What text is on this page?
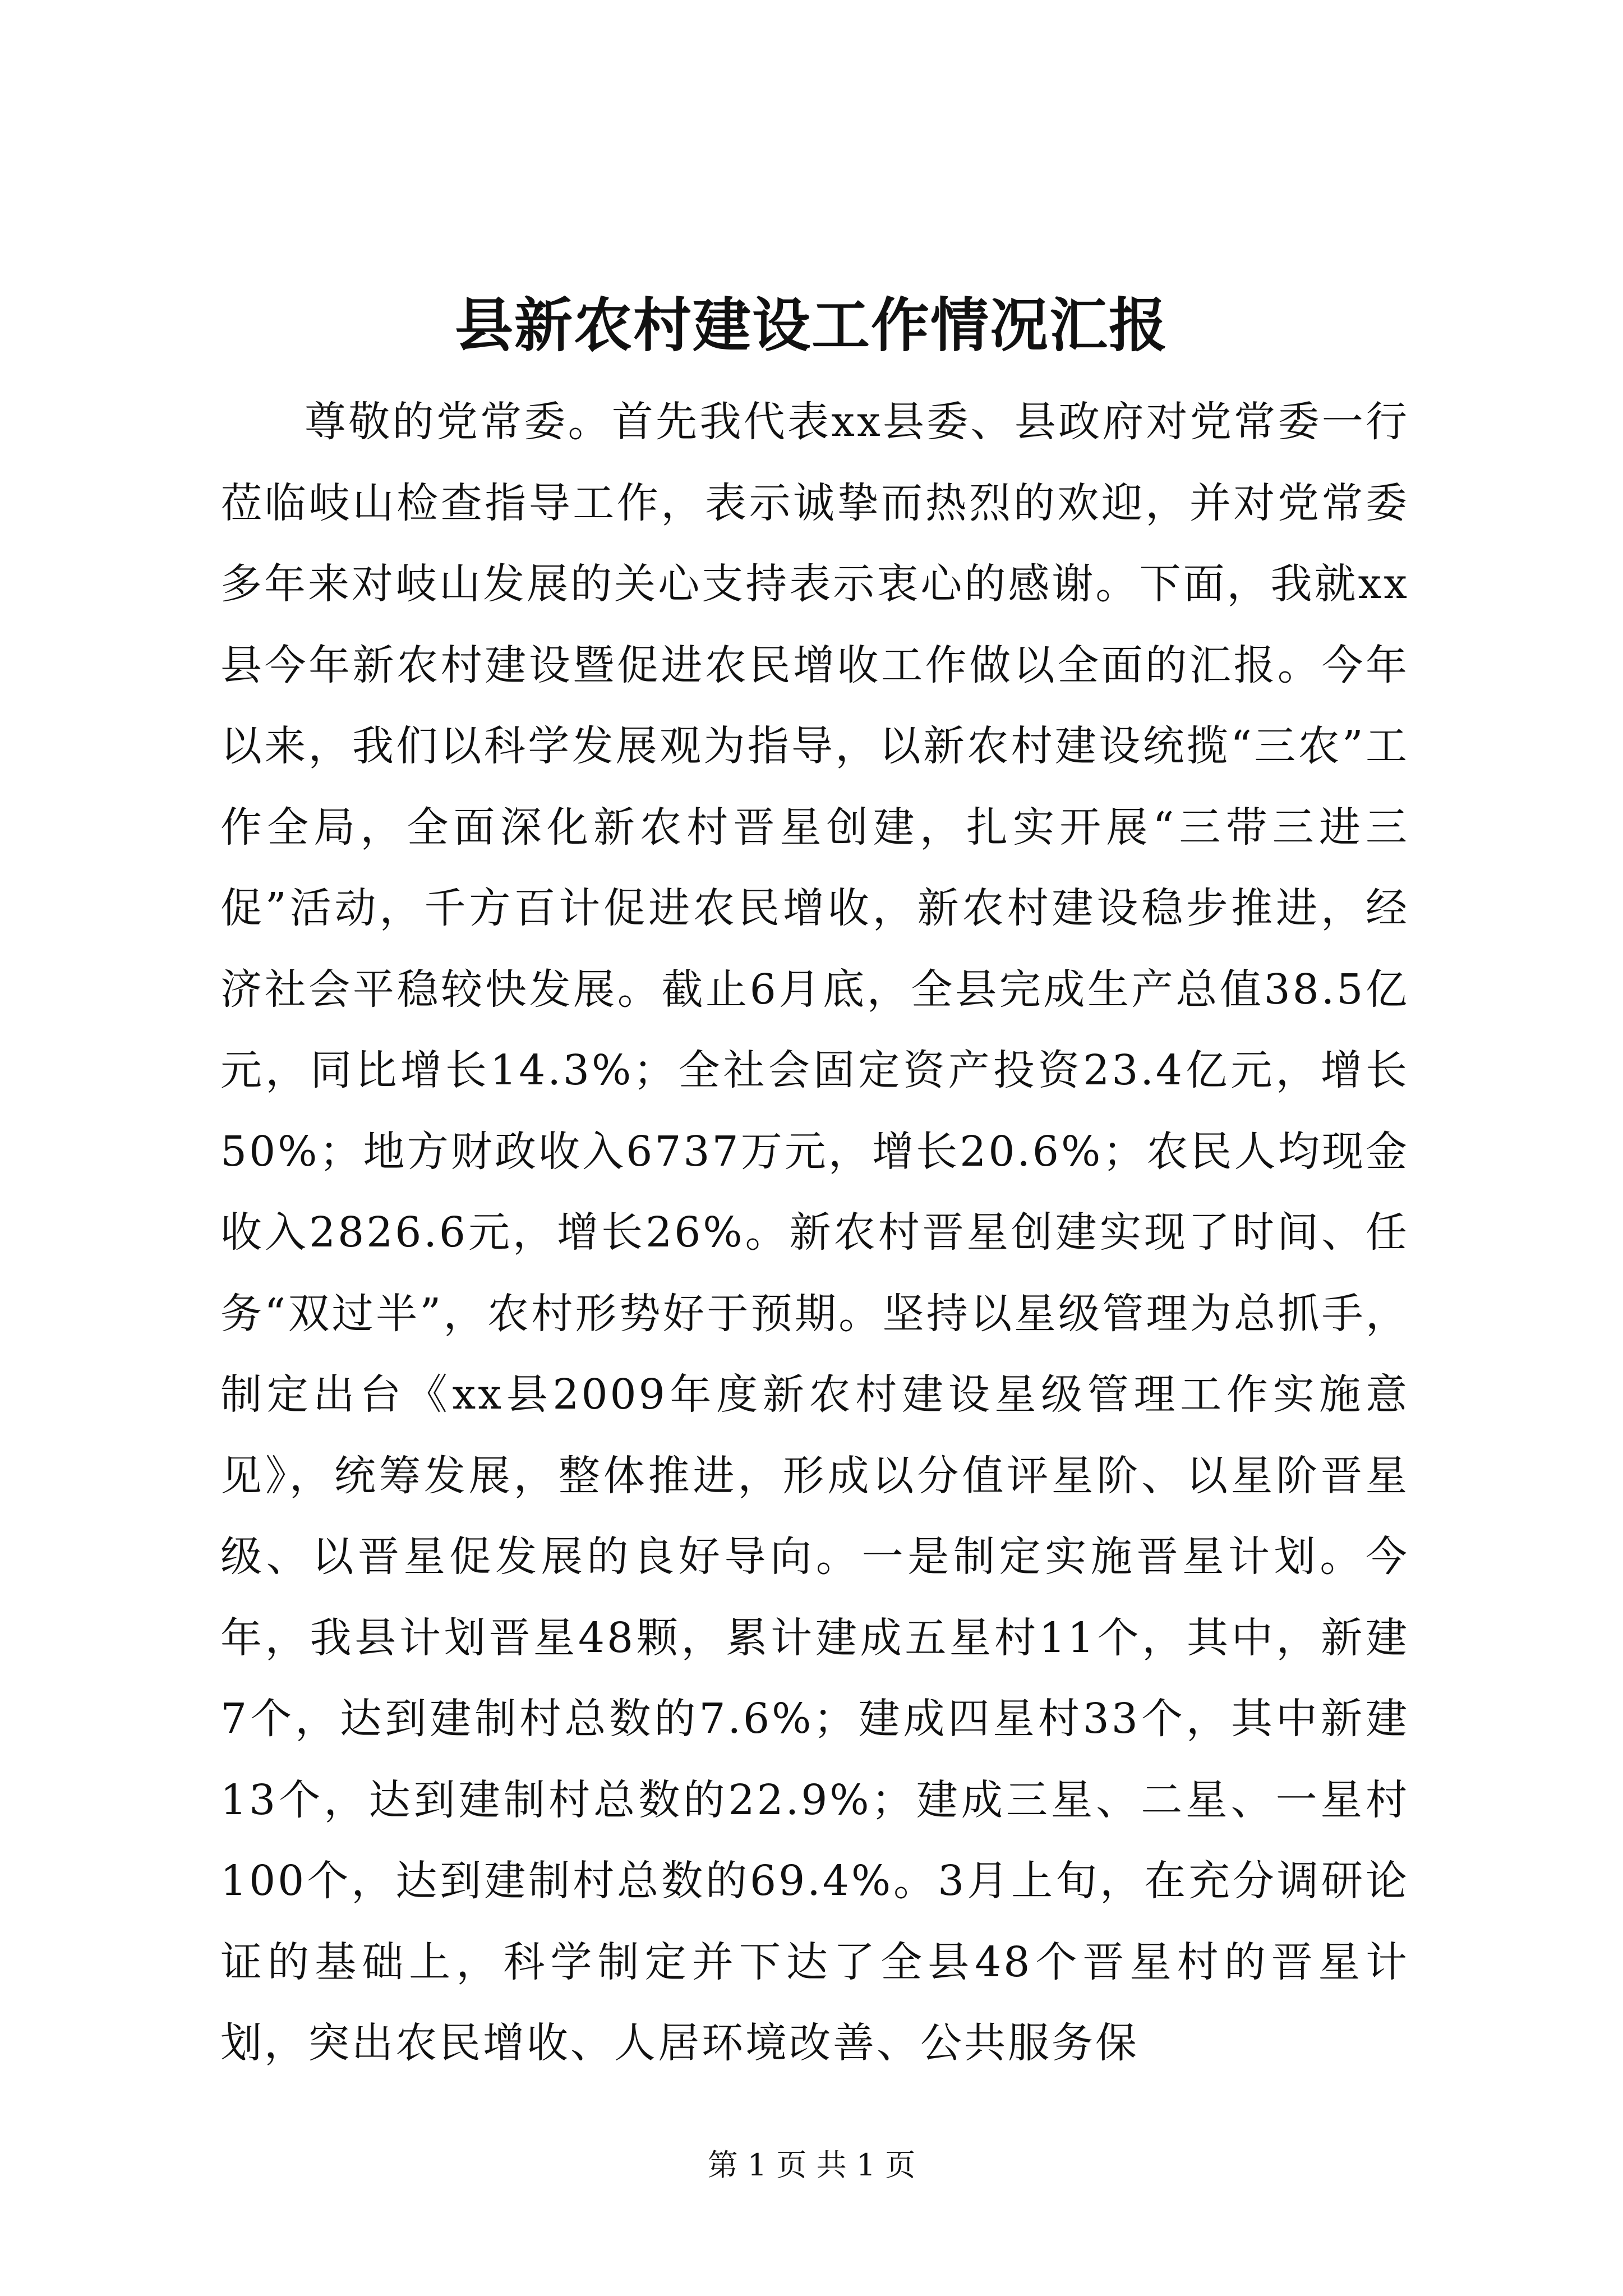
县新农村建设工作情况汇报

尊敬的党常委。首先我代表xx县委、县政府对党常委一行莅临岐山检查指导工作，表示诚挚而热烈的欢迎，并对党常委多年来对岐山发展的关心支持表示衷心的感谢。下面，我就xx县今年新农村建设暨促进农民增收工作做以全面的汇报。今年以来，我们以科学发展观为指导，以新农村建设统揽“三农”工作全局，全面深化新农村晋星创建，扎实开展“三带三进三促”活动，千方百计促进农民增收，新农村建设稳步推进，经济社会平稳较快发展。截止6月底，全县完成生产总值38.5亿元，同比增长14.3%；全社会固定资产投资23.4亿元，增长50%；地方财政收入6737万元，增长20.6%；农民人均现金收入2826.6元，增长26%。新农村晋星创建实现了时间、任务“双过半”，农村形势好于预期。坚持以星级管理为总抓手，制定出台《xx县2009年度新农村建设星级管理工作实施意见》，统筹发展，整体推进，形成以分值评星阶、以星阶晋星级、以晋星促发展的良好导向。一是制定实施晋星计划。今年，我县计划晋星48颗，累计建成五星村11个，其中，新建7个，达到建制村总数的7.6%；建成四星村33个，其中新建13个，达到建制村总数的22.9%；建成三星、二星、一星村100个，达到建制村总数的69.4%。3月上旬，在充分调研论证的基础上，科学制定并下达了全县48个晋星村的晋星计划，突出农民增收、人居环境改善、公共服务保

第 1 页 共 1 页
